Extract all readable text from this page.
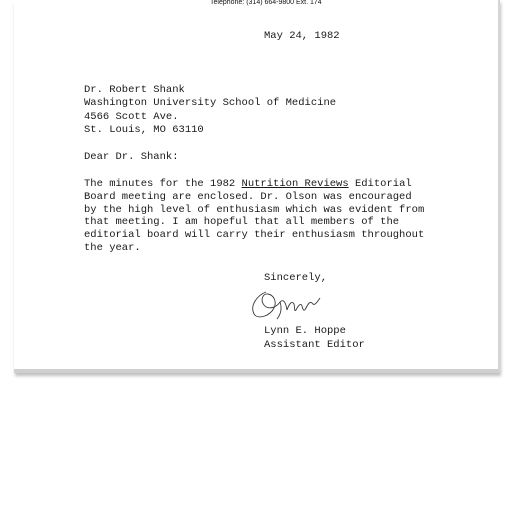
Telephone: (314) 664-9800 Ext. 174
May 24, 1982
Dr. Robert Shank
Washington University School of Medicine
4566 Scott Ave.
St. Louis, MO 63110
Dear Dr. Shank:
The minutes for the 1982 Nutrition Reviews Editorial
Board meeting are enclosed. Dr. Olson was encouraged
by the high level of enthusiasm which was evident from
that meeting. I am hopeful that all members of the
editorial board will carry their enthusiasm throughout
the year.
Sincerely,
Lynn E. Hoppe
Assistant Editor
